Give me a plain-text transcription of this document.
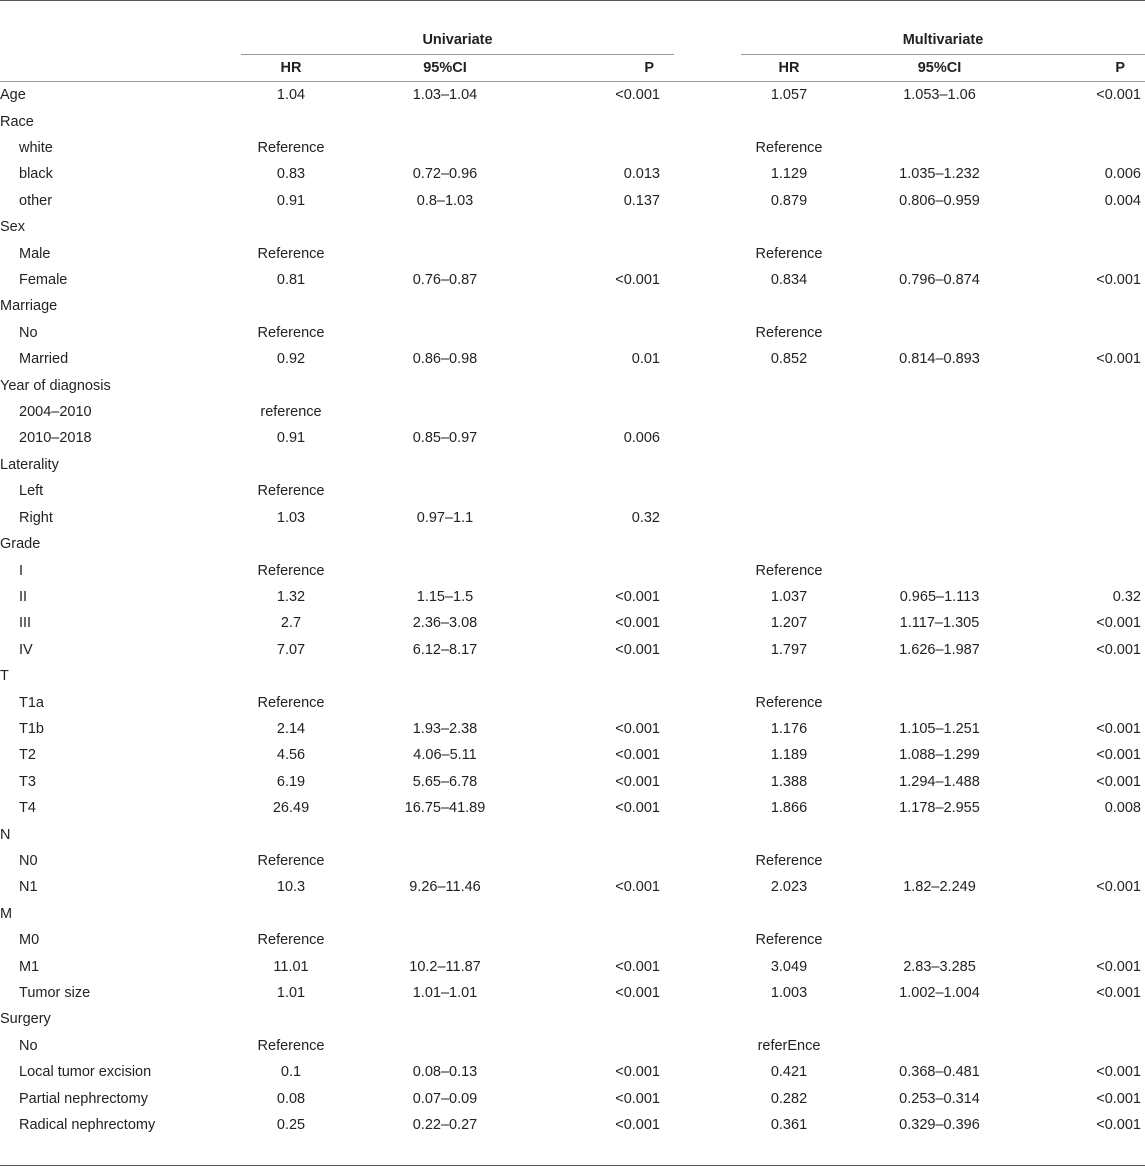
	Univariate				Multivariate		
	HR	95%CI	P		HR	95%CI	P
Age	1.04	1.03–1.04	<0.001		1.057	1.053–1.06	<0.001
Race							
white	Reference				Reference		
black	0.83	0.72–0.96	0.013		1.129	1.035–1.232	0.006
other	0.91	0.8–1.03	0.137		0.879	0.806–0.959	0.004
Sex							
Male	Reference				Reference		
Female	0.81	0.76–0.87	<0.001		0.834	0.796–0.874	<0.001
Marriage							
No	Reference				Reference		
Married	0.92	0.86–0.98	0.01		0.852	0.814–0.893	<0.001
Year of diagnosis							
2004–2010	reference						
2010–2018	0.91	0.85–0.97	0.006				
Laterality							
Left	Reference						
Right	1.03	0.97–1.1	0.32				
Grade							
I	Reference				Reference		
II	1.32	1.15–1.5	<0.001		1.037	0.965–1.113	0.32
III	2.7	2.36–3.08	<0.001		1.207	1.117–1.305	<0.001
IV	7.07	6.12–8.17	<0.001		1.797	1.626–1.987	<0.001
T							
T1a	Reference				Reference		
T1b	2.14	1.93–2.38	<0.001		1.176	1.105–1.251	<0.001
T2	4.56	4.06–5.11	<0.001		1.189	1.088–1.299	<0.001
T3	6.19	5.65–6.78	<0.001		1.388	1.294–1.488	<0.001
T4	26.49	16.75–41.89	<0.001		1.866	1.178–2.955	0.008
N							
N0	Reference				Reference		
N1	10.3	9.26–11.46	<0.001		2.023	1.82–2.249	<0.001
M							
M0	Reference				Reference		
M1	11.01	10.2–11.87	<0.001		3.049	2.83–3.285	<0.001
Tumor size	1.01	1.01–1.01	<0.001		1.003	1.002–1.004	<0.001
Surgery							
No	Reference				referEnce		
Local tumor excision	0.1	0.08–0.13	<0.001		0.421	0.368–0.481	<0.001
Partial nephrectomy	0.08	0.07–0.09	<0.001		0.282	0.253–0.314	<0.001
Radical nephrectomy	0.25	0.22–0.27	<0.001		0.361	0.329–0.396	<0.001
